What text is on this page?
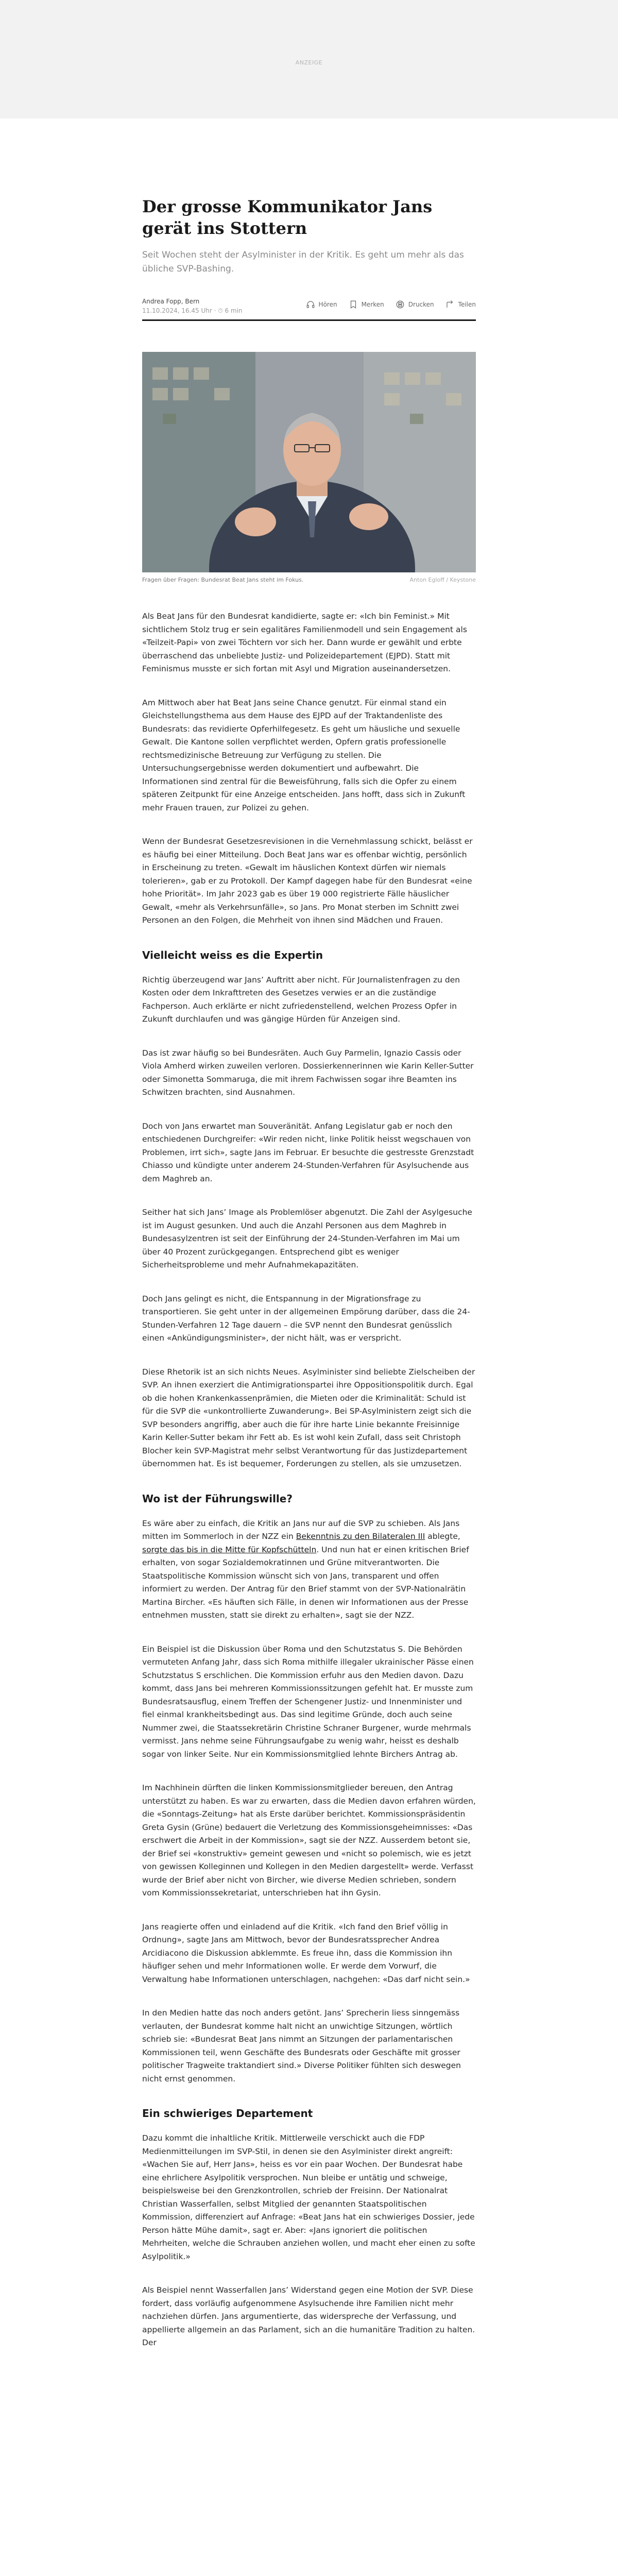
ANZEIGE
Der grosse Kommunikator Jans gerät ins Stottern

Seit Wochen steht der Asylminister in der Kritik. Es geht um mehr als das übliche SVP-Bashing.

Andrea Fopp, Bern
11.10.2024, 16.45 Uhr · ⏱ 6 min
Hören	Merken	Drucken	Teilen
Fragen über Fragen: Bundesrat Beat Jans steht im Fokus.	Anton Egloff / Keystone

Als Beat Jans für den Bundesrat kandidierte, sagte er: «Ich bin Feminist.» Mit sichtlichem Stolz trug er sein egalitäres Familienmodell und sein Engagement als «Teilzeit-Papi» von zwei Töchtern vor sich her. Dann wurde er gewählt und erbte überraschend das unbeliebte Justiz- und Polizeidepartement (EJPD). Statt mit Feminismus musste er sich fortan mit Asyl und Migration auseinandersetzen.

Am Mittwoch aber hat Beat Jans seine Chance genutzt. Für einmal stand ein Gleichstellungsthema aus dem Hause des EJPD auf der Traktandenliste des Bundesrats: das revidierte Opferhilfegesetz. Es geht um häusliche und sexuelle Gewalt. Die Kantone sollen verpflichtet werden, Opfern gratis professionelle rechtsmedizinische Betreuung zur Verfügung zu stellen. Die Untersuchungsergebnisse werden dokumentiert und aufbewahrt. Die Informationen sind zentral für die Beweisführung, falls sich die Opfer zu einem späteren Zeitpunkt für eine Anzeige entscheiden. Jans hofft, dass sich in Zukunft mehr Frauen trauen, zur Polizei zu gehen.

Wenn der Bundesrat Gesetzesrevisionen in die Vernehmlassung schickt, belässt er es häufig bei einer Mitteilung. Doch Beat Jans war es offenbar wichtig, persönlich in Erscheinung zu treten. «Gewalt im häuslichen Kontext dürfen wir niemals tolerieren», gab er zu Protokoll. Der Kampf dagegen habe für den Bundesrat «eine hohe Priorität». Im Jahr 2023 gab es über 19 000 registrierte Fälle häuslicher Gewalt, «mehr als Verkehrsunfälle», so Jans. Pro Monat sterben im Schnitt zwei Personen an den Folgen, die Mehrheit von ihnen sind Mädchen und Frauen.

Vielleicht weiss es die Expertin

Richtig überzeugend war Jans’ Auftritt aber nicht. Für Journalistenfragen zu den Kosten oder dem Inkrafttreten des Gesetzes verwies er an die zuständige Fachperson. Auch erklärte er nicht zufriedenstellend, welchen Prozess Opfer in Zukunft durchlaufen und was gängige Hürden für Anzeigen sind.

Das ist zwar häufig so bei Bundesräten. Auch Guy Parmelin, Ignazio Cassis oder Viola Amherd wirken zuweilen verloren. Dossierkennerinnen wie Karin Keller-Sutter oder Simonetta Sommaruga, die mit ihrem Fachwissen sogar ihre Beamten ins Schwitzen brachten, sind Ausnahmen.

Doch von Jans erwartet man Souveränität. Anfang Legislatur gab er noch den entschiedenen Durchgreifer: «Wir reden nicht, linke Politik heisst wegschauen von Problemen, irrt sich», sagte Jans im Februar. Er besuchte die gestresste Grenzstadt Chiasso und kündigte unter anderem 24-Stunden-Verfahren für Asylsuchende aus dem Maghreb an.

Seither hat sich Jans’ Image als Problemlöser abgenutzt. Die Zahl der Asylgesuche ist im August gesunken. Und auch die Anzahl Personen aus dem Maghreb in Bundesasylzentren ist seit der Einführung der 24-Stunden-Verfahren im Mai um über 40 Prozent zurückgegangen. Entsprechend gibt es weniger Sicherheitsprobleme und mehr Aufnahmekapazitäten.

Doch Jans gelingt es nicht, die Entspannung in der Migrationsfrage zu transportieren. Sie geht unter in der allgemeinen Empörung darüber, dass die 24-Stunden-Verfahren 12 Tage dauern – die SVP nennt den Bundesrat genüsslich einen «Ankündigungsminister», der nicht hält, was er verspricht.

Diese Rhetorik ist an sich nichts Neues. Asylminister sind beliebte Zielscheiben der SVP. An ihnen exerziert die Antimigrationspartei ihre Oppositionspolitik durch. Egal ob die hohen Krankenkassenprämien, die Mieten oder die Kriminalität: Schuld ist für die SVP die «unkontrollierte Zuwanderung». Bei SP-Asylministern zeigt sich die SVP besonders angriffig, aber auch die für ihre harte Linie bekannte Freisinnige Karin Keller-Sutter bekam ihr Fett ab. Es ist wohl kein Zufall, dass seit Christoph Blocher kein SVP-Magistrat mehr selbst Verantwortung für das Justizdepartement übernommen hat. Es ist bequemer, Forderungen zu stellen, als sie umzusetzen.

Wo ist der Führungswille?

Es wäre aber zu einfach, die Kritik an Jans nur auf die SVP zu schieben. Als Jans mitten im Sommerloch in der NZZ ein Bekenntnis zu den Bilateralen III ablegte, sorgte das bis in die Mitte für Kopfschütteln. Und nun hat er einen kritischen Brief erhalten, von sogar Sozialdemokratinnen und Grüne mitverantworten. Die Staatspolitische Kommission wünscht sich von Jans, transparent und offen informiert zu werden. Der Antrag für den Brief stammt von der SVP-Nationalrätin Martina Bircher. «Es häuften sich Fälle, in denen wir Informationen aus der Presse entnehmen mussten, statt sie direkt zu erhalten», sagt sie der NZZ.

Ein Beispiel ist die Diskussion über Roma und den Schutzstatus S. Die Behörden vermuteten Anfang Jahr, dass sich Roma mithilfe illegaler ukrainischer Pässe einen Schutzstatus S erschlichen. Die Kommission erfuhr aus den Medien davon. Dazu kommt, dass Jans bei mehreren Kommissionssitzungen gefehlt hat. Er musste zum Bundesratsausflug, einem Treffen der Schengener Justiz- und Innenminister und fiel einmal krankheitsbedingt aus. Das sind legitime Gründe, doch auch seine Nummer zwei, die Staatssekretärin Christine Schraner Burgener, wurde mehrmals vermisst. Jans nehme seine Führungsaufgabe zu wenig wahr, heisst es deshalb sogar von linker Seite. Nur ein Kommissionsmitglied lehnte Birchers Antrag ab.

Im Nachhinein dürften die linken Kommissionsmitglieder bereuen, den Antrag unterstützt zu haben. Es war zu erwarten, dass die Medien davon erfahren würden, die «Sonntags-Zeitung» hat als Erste darüber berichtet. Kommissionspräsidentin Greta Gysin (Grüne) bedauert die Verletzung des Kommissionsgeheimnisses: «Das erschwert die Arbeit in der Kommission», sagt sie der NZZ. Ausserdem betont sie, der Brief sei «konstruktiv» gemeint gewesen und «nicht so polemisch, wie es jetzt von gewissen Kolleginnen und Kollegen in den Medien dargestellt» werde. Verfasst wurde der Brief aber nicht von Bircher, wie diverse Medien schrieben, sondern vom Kommissionssekretariat, unterschrieben hat ihn Gysin.

Jans reagierte offen und einladend auf die Kritik. «Ich fand den Brief völlig in Ordnung», sagte Jans am Mittwoch, bevor der Bundesratssprecher Andrea Arcidiacono die Diskussion abklemmte. Es freue ihn, dass die Kommission ihn häufiger sehen und mehr Informationen wolle. Er werde dem Vorwurf, die Verwaltung habe Informationen unterschlagen, nachgehen: «Das darf nicht sein.»

In den Medien hatte das noch anders getönt. Jans’ Sprecherin liess sinngemäss verlauten, der Bundesrat komme halt nicht an unwichtige Sitzungen, wörtlich schrieb sie: «Bundesrat Beat Jans nimmt an Sitzungen der parlamentarischen Kommissionen teil, wenn Geschäfte des Bundesrats oder Geschäfte mit grosser politischer Tragweite traktandiert sind.» Diverse Politiker fühlten sich deswegen nicht ernst genommen.

Ein schwieriges Departement

Dazu kommt die inhaltliche Kritik. Mittlerweile verschickt auch die FDP Medienmitteilungen im SVP-Stil, in denen sie den Asylminister direkt angreift: «Wachen Sie auf, Herr Jans», heiss es vor ein paar Wochen. Der Bundesrat habe eine ehrlichere Asylpolitik versprochen. Nun bleibe er untätig und schweige, beispielsweise bei den Grenzkontrollen, schrieb der Freisinn. Der Nationalrat Christian Wasserfallen, selbst Mitglied der genannten Staatspolitischen Kommission, differenziert auf Anfrage: «Beat Jans hat ein schwieriges Dossier, jede Person hätte Mühe damit», sagt er. Aber: «Jans ignoriert die politischen Mehrheiten, welche die Schrauben anziehen wollen, und macht eher einen zu softe Asylpolitik.»

Als Beispiel nennt Wasserfallen Jans’ Widerstand gegen eine Motion der SVP. Diese fordert, dass vorläufig aufgenommene Asylsuchende ihre Familien nicht mehr nachziehen dürfen. Jans argumentierte, das widerspreche der Verfassung, und appellierte allgemein an das Parlament, sich an die humanitäre Tradition zu halten. Der
